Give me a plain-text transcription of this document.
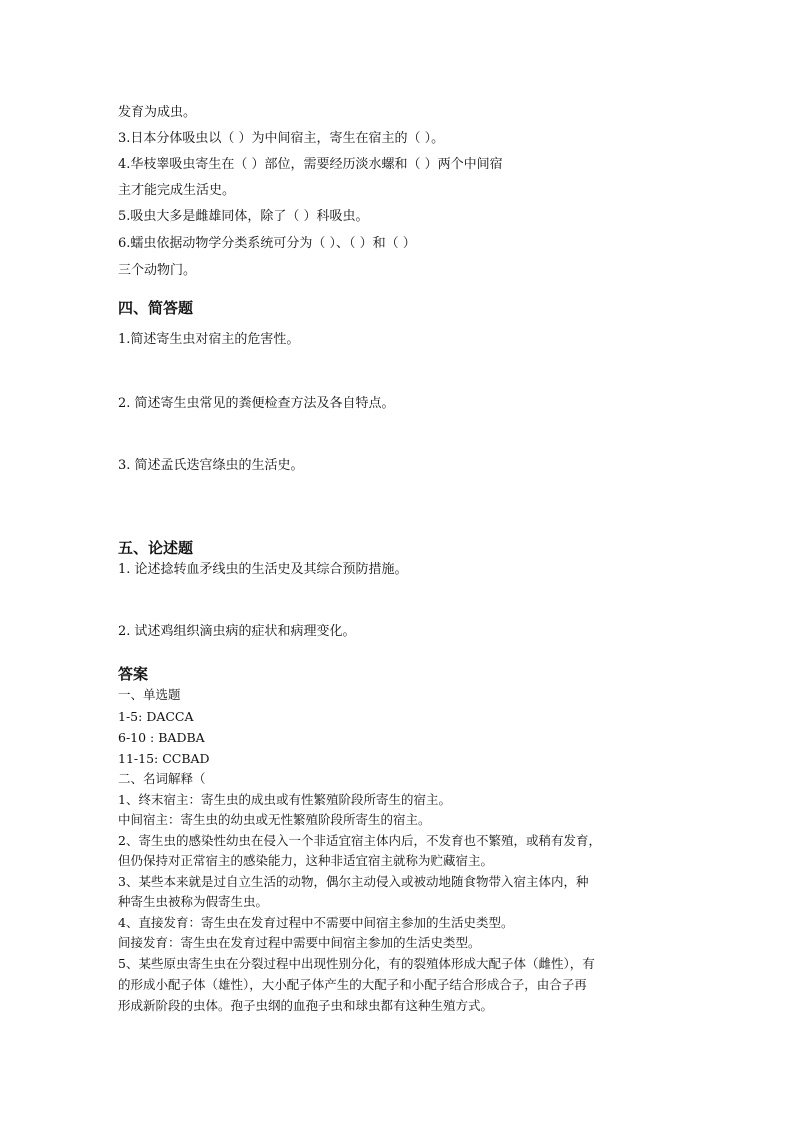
发育为成虫。
3.日本分体吸虫以（ ）为中间宿主，寄生在宿主的（ ）。
4.华枝睾吸虫寄生在（ ）部位，需要经历淡水螺和（ ）两个中间宿
主才能完成生活史。
5.吸虫大多是雌雄同体，除了（ ）科吸虫。
6.蠕虫依据动物学分类系统可分为（ ）、（ ）和（ ）
三个动物门。
四、简答题
1.简述寄生虫对宿主的危害性。
2. 简述寄生虫常见的粪便检查方法及各自特点。
3. 简述孟氏迭宫绦虫的生活史。
五、论述题
1. 论述捻转血矛线虫的生活史及其综合预防措施。
2. 试述鸡组织滴虫病的症状和病理变化。
答案
一、单选题
1-5: DACCA
6-10 : BADBA
11-15: CCBAD
二、名词解释（
1、终末宿主：寄生虫的成虫或有性繁殖阶段所寄生的宿主。
中间宿主：寄生虫的幼虫或无性繁殖阶段所寄生的宿主。
2、寄生虫的感染性幼虫在侵入一个非适宜宿主体内后，不发育也不繁殖，或稍有发育，
但仍保持对正常宿主的感染能力，这种非适宜宿主就称为贮藏宿主。
3、某些本来就是过自立生活的动物，偶尔主动侵入或被动地随食物带入宿主体内，种
种寄生虫被称为假寄生虫。
4、直接发育：寄生虫在发育过程中不需要中间宿主参加的生活史类型。
间接发育：寄生虫在发育过程中需要中间宿主参加的生活史类型。
5、某些原虫寄生虫在分裂过程中出现性别分化，有的裂殖体形成大配子体（雌性），有
的形成小配子体（雄性），大小配子体产生的大配子和小配子结合形成合子，由合子再
形成新阶段的虫体。孢子虫纲的血孢子虫和球虫都有这种生殖方式。
